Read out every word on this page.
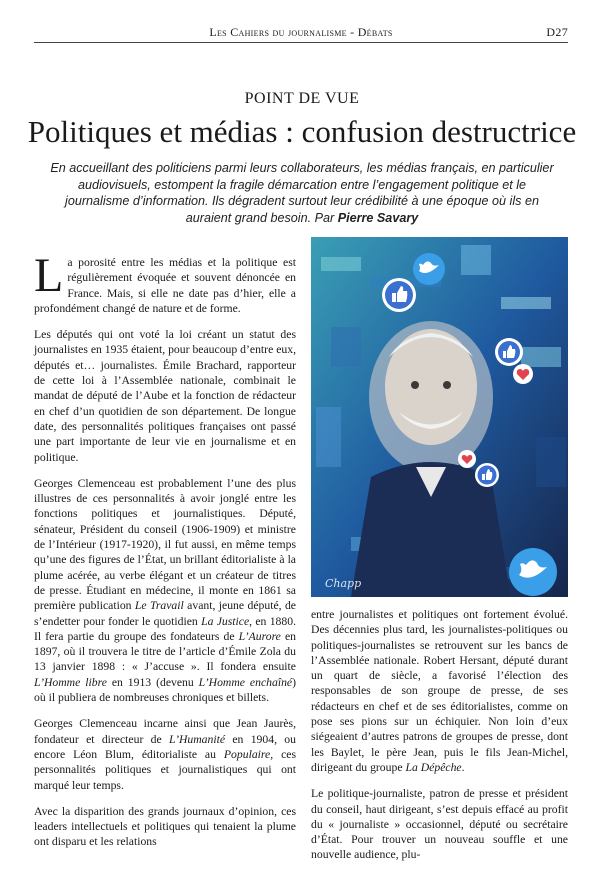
Les Cahiers du journalisme - Débats	D27
POINT DE VUE
Politiques et médias : confusion destructrice
En accueillant des politiciens parmi leurs collaborateurs, les médias français, en particulier audiovisuels, estompent la fragile démarcation entre l’engagement politique et le journalisme d’information. Ils dégradent surtout leur crédibilité à une époque où ils en auraient grand besoin. Par Pierre Savary

La porosité entre les médias et la politique est régulièrement évoquée et souvent dénoncée en France. Mais, si elle ne date pas d’hier, elle a profondément changé de nature et de forme.

Les députés qui ont voté la loi créant un statut des journalistes en 1935 étaient, pour beaucoup d’entre eux, députés et… journalistes. Émile Brachard, rapporteur de cette loi à l’Assemblée nationale, combinait le mandat de député de l’Aube et la fonction de rédacteur en chef d’un quotidien de son département. De longue date, des personnalités politiques françaises ont passé une part importante de leur vie en journalisme et en politique.

Georges Clemenceau est probablement l’une des plus illustres de ces personnalités à avoir jonglé entre les fonctions politiques et journalistiques. Député, sénateur, Président du conseil (1906-1909) et ministre de l’Intérieur (1917-1920), il fut aussi, en même temps qu’une des figures de l’État, un brillant éditorialiste à la plume acérée, au verbe élégant et un créateur de titres de presse. Étudiant en médecine, il monte en 1861 sa première publication Le Travail avant, jeune député, de s’endetter pour fonder le quotidien La Justice, en 1880. Il fera partie du groupe des fondateurs de L’Aurore en 1897, où il trouvera le titre de l’article d’Émile Zola du 13 janvier 1898 : « J’accuse ». Il fondera ensuite L’Homme libre en 1913 (devenu L’Homme enchaîné) où il publiera de nombreuses chroniques et billets.

Georges Clemenceau incarne ainsi que Jean Jaurès, fondateur et directeur de L’Humanité en 1904, ou encore Léon Blum, éditorialiste au Populaire, ces personnalités politiques et journalistiques qui ont marqué leur temps.

Avec la disparition des grands journaux d’opinion, ces leaders intellectuels et politiques qui tenaient la plume ont disparu et les relations

Chapp

entre journalistes et politiques ont fortement évolué. Des décennies plus tard, les journalistes-politiques ou politiques-journalistes se retrouvent sur les bancs de l’Assemblée nationale. Robert Hersant, député durant un quart de siècle, a favorisé l’élection des responsables de son groupe de presse, de ses rédacteurs en chef et de ses éditorialistes, comme on pose ses pions sur un échiquier. Non loin d’eux siégeaient d’autres patrons de groupes de presse, dont les Baylet, le père Jean, puis le fils Jean-Michel, dirigeant du groupe La Dépêche.

Le politique-journaliste, patron de presse et président du conseil, haut dirigeant, s’est depuis effacé au profit du « journaliste » occasionnel, député ou secrétaire d’État. Pour trouver un nouveau souffle et une nouvelle audience, plu-
